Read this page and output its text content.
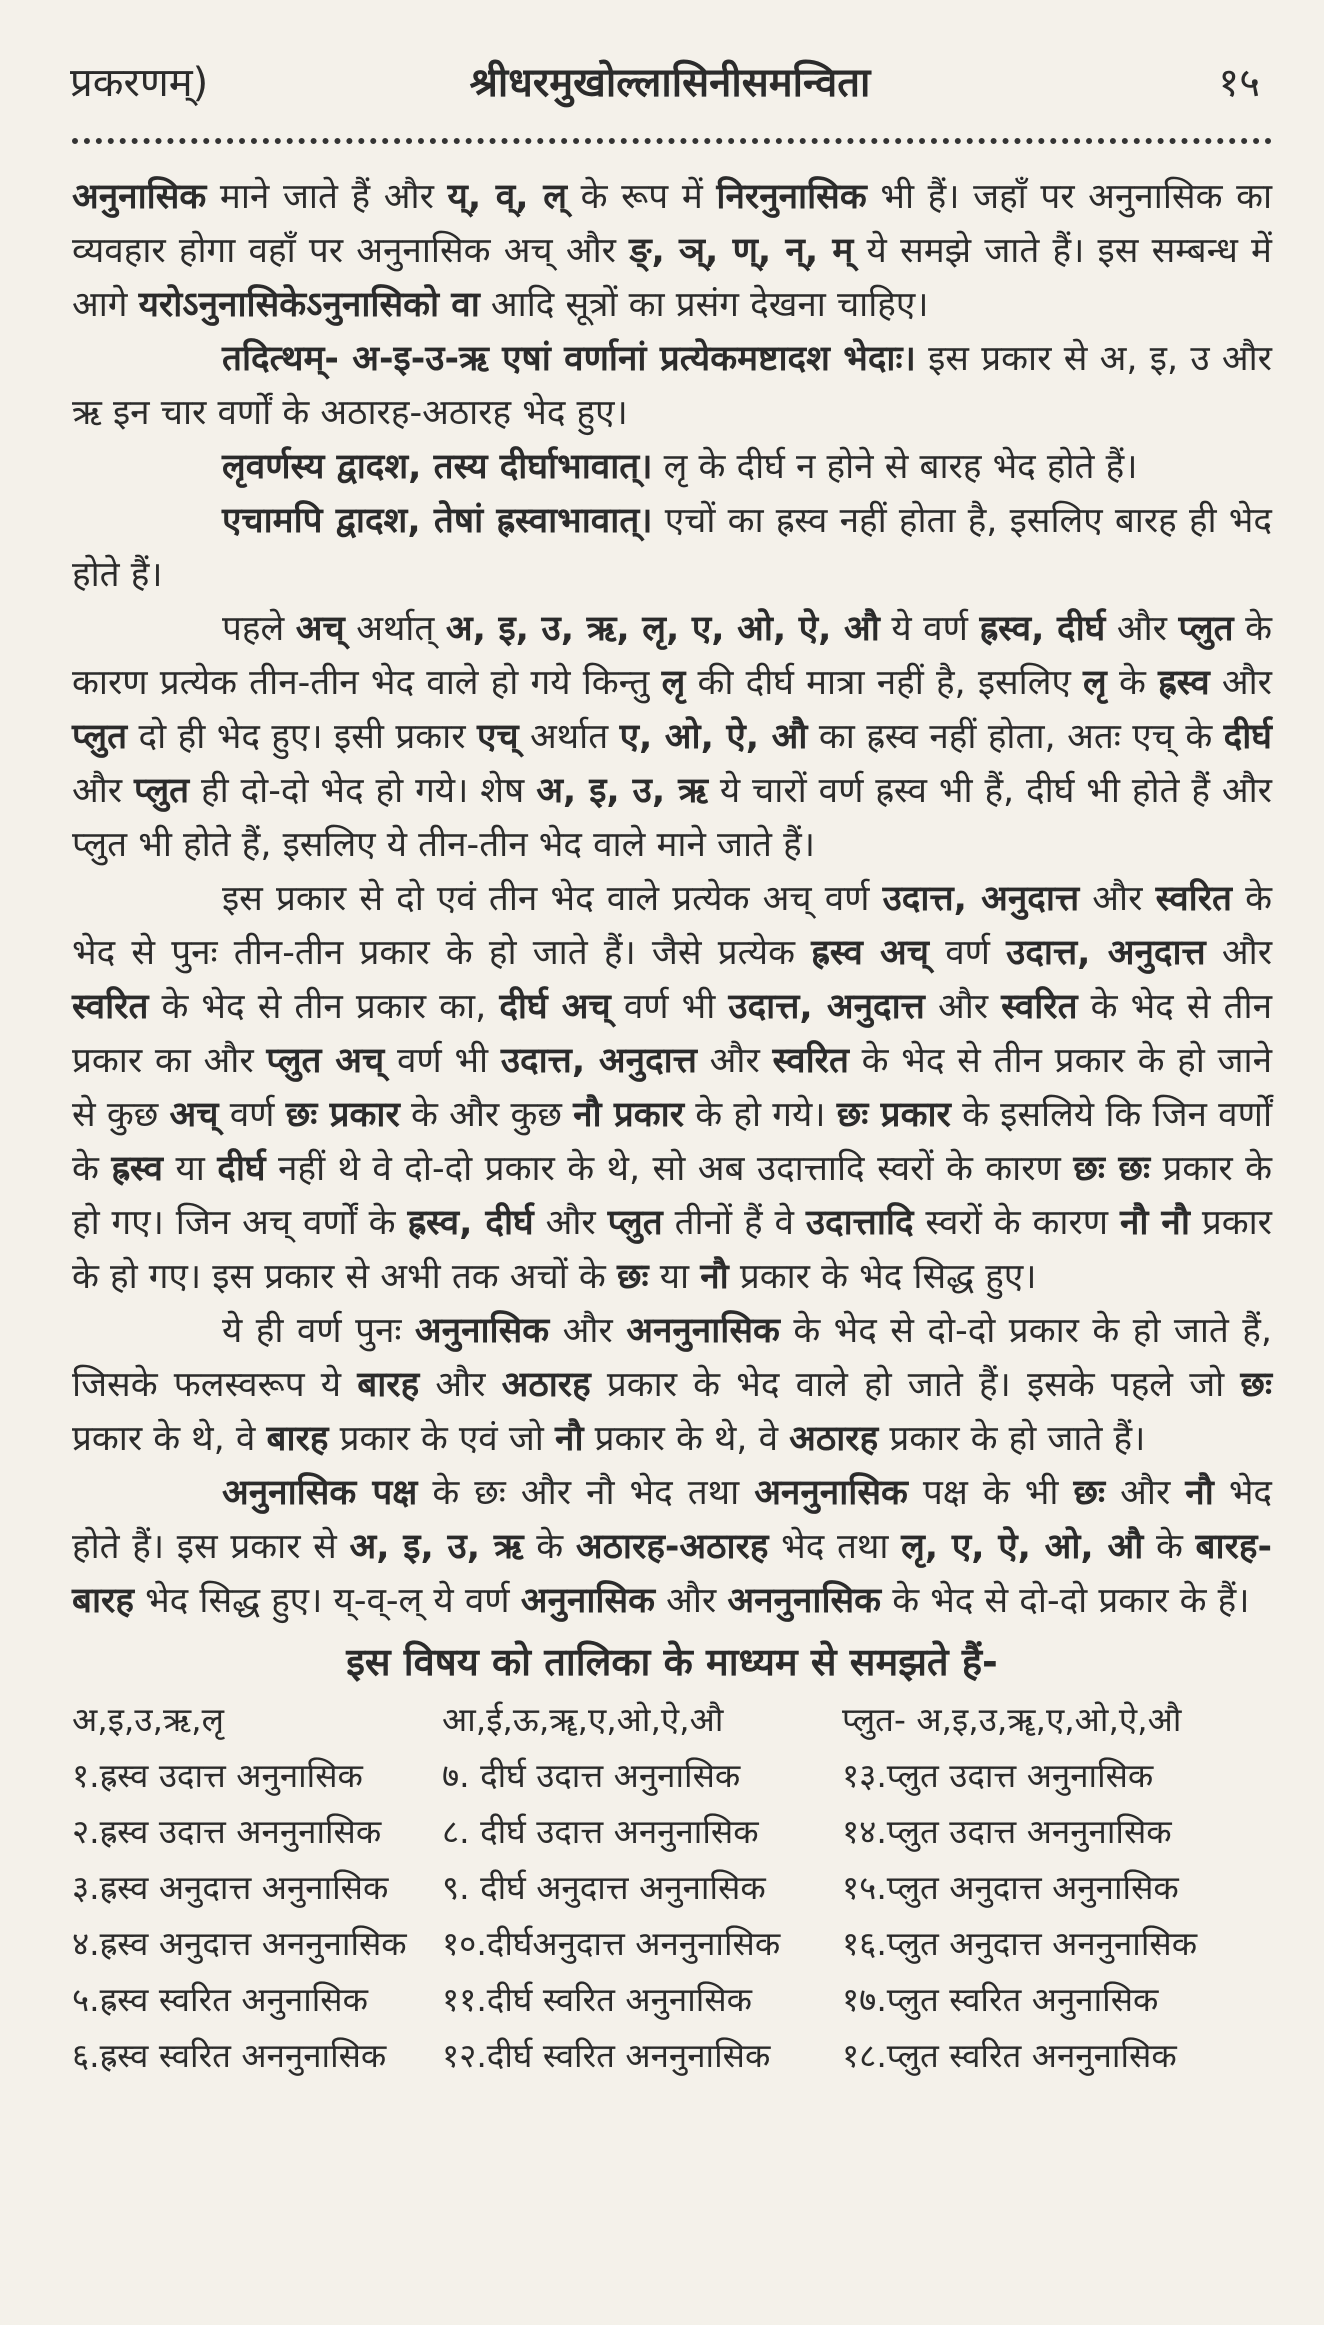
प्रकरणम्)	श्रीधरमुखोल्लासिनीसमन्विता	१५

अनुनासिक माने जाते हैं और य्, व्, ल् के रूप में निरनुनासिक भी हैं। जहाँ पर अनुनासिक का व्यवहार होगा वहाँ पर अनुनासिक अच् और ङ्, ञ्, ण्, न्, म् ये समझे जाते हैं। इस सम्बन्ध में आगे यरोऽनुनासिकेऽनुनासिको वा आदि सूत्रों का प्रसंग देखना चाहिए।

तदित्थम्- अ-इ-उ-ऋ एषां वर्णानां प्रत्येकमष्टादश भेदाः। इस प्रकार से अ, इ, उ और ऋ इन चार वर्णों के अठारह-अठारह भेद हुए।

लृवर्णस्य द्वादश, तस्य दीर्घाभावात्। लृ के दीर्घ न होने से बारह भेद होते हैं।

एचामपि द्वादश, तेषां ह्रस्वाभावात्। एचों का ह्रस्व नहीं होता है, इसलिए बारह ही भेद होते हैं।

पहले अच् अर्थात् अ, इ, उ, ऋ, लृ, ए, ओ, ऐ, औ ये वर्ण ह्रस्व, दीर्घ और प्लुत के कारण प्रत्येक तीन-तीन भेद वाले हो गये किन्तु लृ की दीर्घ मात्रा नहीं है, इसलिए लृ के ह्रस्व और प्लुत दो ही भेद हुए। इसी प्रकार एच् अर्थात ए, ओ, ऐ, औ का ह्रस्व नहीं होता, अतः एच् के दीर्घ और प्लुत ही दो-दो भेद हो गये। शेष अ, इ, उ, ऋ ये चारों वर्ण ह्रस्व भी हैं, दीर्घ भी होते हैं और प्लुत भी होते हैं, इसलिए ये तीन-तीन भेद वाले माने जाते हैं।

इस प्रकार से दो एवं तीन भेद वाले प्रत्येक अच् वर्ण उदात्त, अनुदात्त और स्वरित के भेद से पुनः तीन-तीन प्रकार के हो जाते हैं। जैसे प्रत्येक ह्रस्व अच् वर्ण उदात्त, अनुदात्त और स्वरित के भेद से तीन प्रकार का, दीर्घ अच् वर्ण भी उदात्त, अनुदात्त और स्वरित के भेद से तीन प्रकार का और प्लुत अच् वर्ण भी उदात्त, अनुदात्त और स्वरित के भेद से तीन प्रकार के हो जाने से कुछ अच् वर्ण छः प्रकार के और कुछ नौ प्रकार के हो गये। छः प्रकार के इसलिये कि जिन वर्णों के ह्रस्व या दीर्घ नहीं थे वे दो-दो प्रकार के थे, सो अब उदात्तादि स्वरों के कारण छः छः प्रकार के हो गए। जिन अच् वर्णों के ह्रस्व, दीर्घ और प्लुत तीनों हैं वे उदात्तादि स्वरों के कारण नौ नौ प्रकार के हो गए। इस प्रकार से अभी तक अचों के छः या नौ प्रकार के भेद सिद्ध हुए।

ये ही वर्ण पुनः अनुनासिक और अननुनासिक के भेद से दो-दो प्रकार के हो जाते हैं, जिसके फलस्वरूप ये बारह और अठारह प्रकार के भेद वाले हो जाते हैं। इसके पहले जो छः प्रकार के थे, वे बारह प्रकार के एवं जो नौ प्रकार के थे, वे अठारह प्रकार के हो जाते हैं।

अनुनासिक पक्ष के छः और नौ भेद तथा अननुनासिक पक्ष के भी छः और नौ भेद होते हैं। इस प्रकार से अ, इ, उ, ऋ के अठारह-अठारह भेद तथा लृ, ए, ऐ, ओ, औ के बारह-बारह भेद सिद्ध हुए। य्-व्-ल् ये वर्ण अनुनासिक और अननुनासिक के भेद से दो-दो प्रकार के हैं।

इस विषय को तालिका के माध्यम से समझते हैं-
अ,इ,उ,ऋ,लृ	आ,ई,ऊ,ॠ,ए,ओ,ऐ,औ	प्लुत- अ,इ,उ,ॠ,ए,ओ,ऐ,औ
१.ह्रस्व उदात्त अनुनासिक	७. दीर्घ उदात्त अनुनासिक	१३.प्लुत उदात्त अनुनासिक
२.ह्रस्व उदात्त अननुनासिक	८. दीर्घ उदात्त अननुनासिक	१४.प्लुत उदात्त अननुनासिक
३.ह्रस्व अनुदात्त अनुनासिक	९. दीर्घ अनुदात्त अनुनासिक	१५.प्लुत अनुदात्त अनुनासिक
४.ह्रस्व अनुदात्त अननुनासिक	१०.दीर्घअनुदात्त अननुनासिक	१६.प्लुत अनुदात्त अननुनासिक
५.ह्रस्व स्वरित अनुनासिक	११.दीर्घ स्वरित अनुनासिक	१७.प्लुत स्वरित अनुनासिक
६.ह्रस्व स्वरित अननुनासिक	१२.दीर्घ स्वरित अननुनासिक	१८.प्लुत स्वरित अननुनासिक
